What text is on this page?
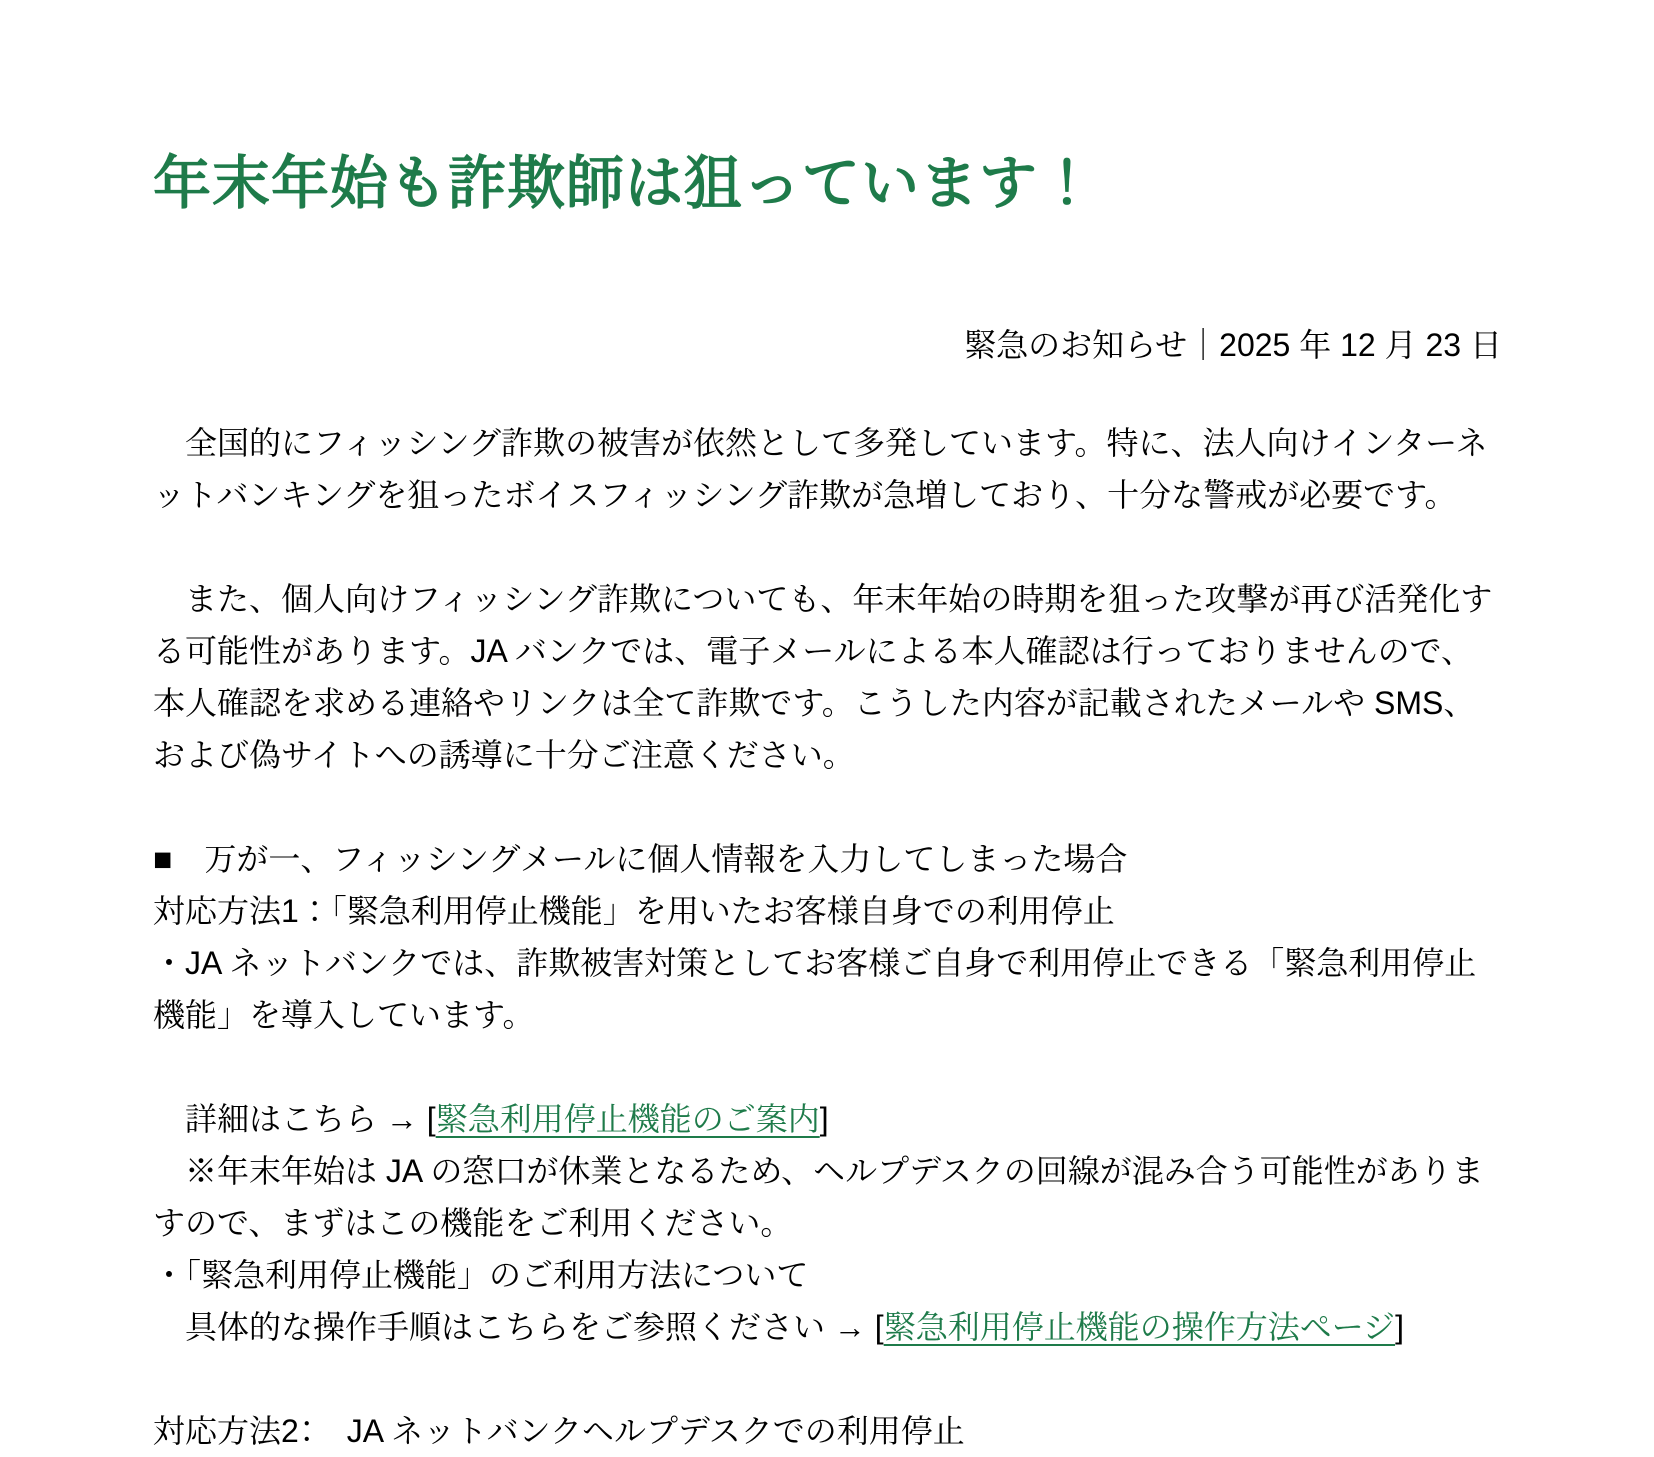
年末年始も詐欺師は狙っています！
緊急のお知らせ｜2025 年 12 月 23 日

　全国的にフィッシング詐欺の被害が依然として多発しています。特に、法人向けインターネットバンキングを狙ったボイスフィッシング詐欺が急増しており、十分な警戒が必要です。

　また、個人向けフィッシング詐欺についても、年末年始の時期を狙った攻撃が再び活発化する可能性があります。JA バンクでは、電子メールによる本人確認は行っておりませんので、本人確認を求める連絡やリンクは全て詐欺です。こうした内容が記載されたメールや SMS、および偽サイトへの誘導に十分ご注意ください。

■　万が一、フィッシングメールに個人情報を入力してしまった場合

対応方法1：「緊急利用停止機能」を用いたお客様自身での利用停止

・JA ネットバンクでは、詐欺被害対策としてお客様ご自身で利用停止できる「緊急利用停止機能」を導入しています。

　詳細はこちら → [緊急利用停止機能のご案内]

　※年末年始は JA の窓口が休業となるため、ヘルプデスクの回線が混み合う可能性がありますので、まずはこの機能をご利用ください。

・「緊急利用停止機能」のご利用方法について

　具体的な操作手順はこちらをご参照ください → [緊急利用停止機能の操作方法ページ]

対応方法2：　JA ネットバンクヘルプデスクでの利用停止
